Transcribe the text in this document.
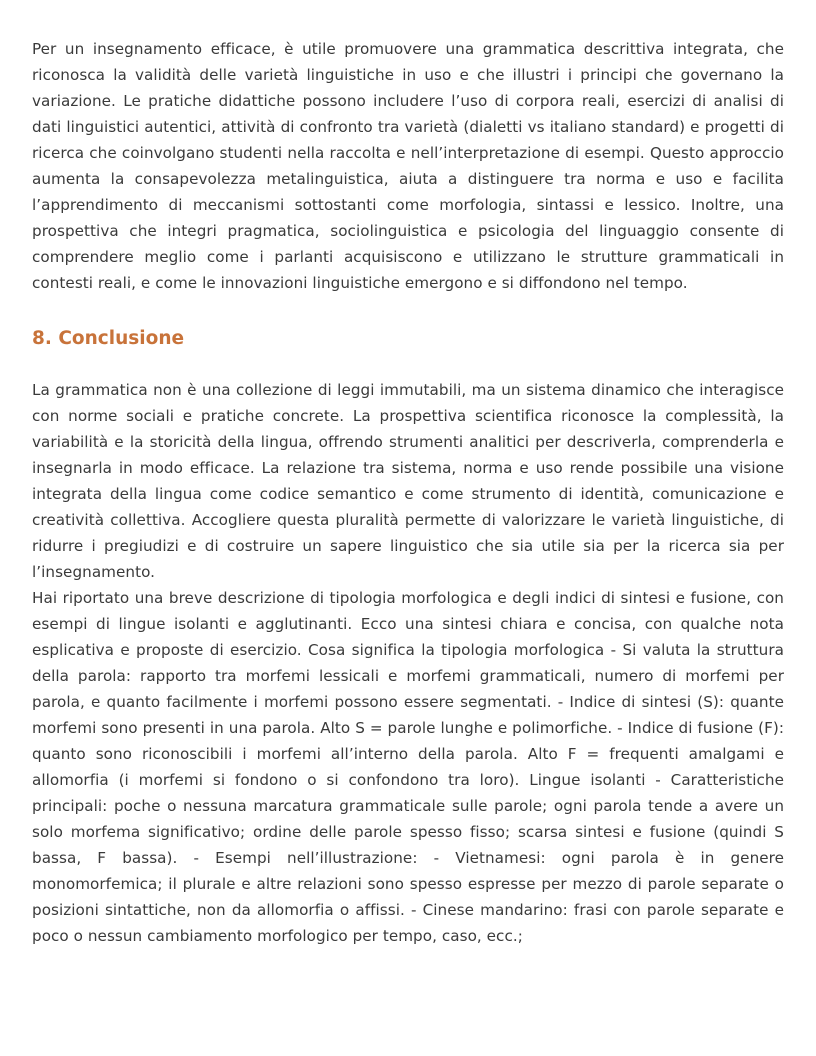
Per un insegnamento efficace, è utile promuovere una grammatica descrittiva integrata, che riconosca la validità delle varietà linguistiche in uso e che illustri i principi che governano la variazione. Le pratiche didattiche possono includere l’uso di corpora reali, esercizi di analisi di dati linguistici autentici, attività di confronto tra varietà (dialetti vs italiano standard) e progetti di ricerca che coinvolgano studenti nella raccolta e nell’interpretazione di esempi. Questo approccio aumenta la consapevolezza metalinguistica, aiuta a distinguere tra norma e uso e facilita l’apprendimento di meccanismi sottostanti come morfologia, sintassi e lessico. Inoltre, una prospettiva che integri pragmatica, sociolinguistica e psicologia del linguaggio consente di comprendere meglio come i parlanti acquisiscono e utilizzano le strutture grammaticali in contesti reali, e come le innovazioni linguistiche emergono e si diffondono nel tempo.

8. Conclusione

La grammatica non è una collezione di leggi immutabili, ma un sistema dinamico che interagisce con norme sociali e pratiche concrete. La prospettiva scientifica riconosce la complessità, la variabilità e la storicità della lingua, offrendo strumenti analitici per descriverla, comprenderla e insegnarla in modo efficace. La relazione tra sistema, norma e uso rende possibile una visione integrata della lingua come codice semantico e come strumento di identità, comunicazione e creatività collettiva. Accogliere questa pluralità permette di valorizzare le varietà linguistiche, di ridurre i pregiudizi e di costruire un sapere linguistico che sia utile sia per la ricerca sia per l’insegnamento.

Hai riportato una breve descrizione di tipologia morfologica e degli indici di sintesi e fusione, con esempi di lingue isolanti e agglutinanti. Ecco una sintesi chiara e concisa, con qualche nota esplicativa e proposte di esercizio. Cosa significa la tipologia morfologica - Si valuta la struttura della parola: rapporto tra morfemi lessicali e morfemi grammaticali, numero di morfemi per parola, e quanto facilmente i morfemi possono essere segmentati. - Indice di sintesi (S): quante morfemi sono presenti in una parola. Alto S = parole lunghe e polimorfiche. - Indice di fusione (F): quanto sono riconoscibili i morfemi all’interno della parola. Alto F = frequenti amalgami e allomorfia (i morfemi si fondono o si confondono tra loro). Lingue isolanti - Caratteristiche principali: poche o nessuna marcatura grammaticale sulle parole; ogni parola tende a avere un solo morfema significativo; ordine delle parole spesso fisso; scarsa sintesi e fusione (quindi S bassa, F bassa). - Esempi nell’illustrazione: - Vietnamesi: ogni parola è in genere monomorfemica; il plurale e altre relazioni sono spesso espresse per mezzo di parole separate o posizioni sintattiche, non da allomorfia o affissi. - Cinese mandarino: frasi con parole separate e poco o nessun cambiamento morfologico per tempo, caso, ecc.;
